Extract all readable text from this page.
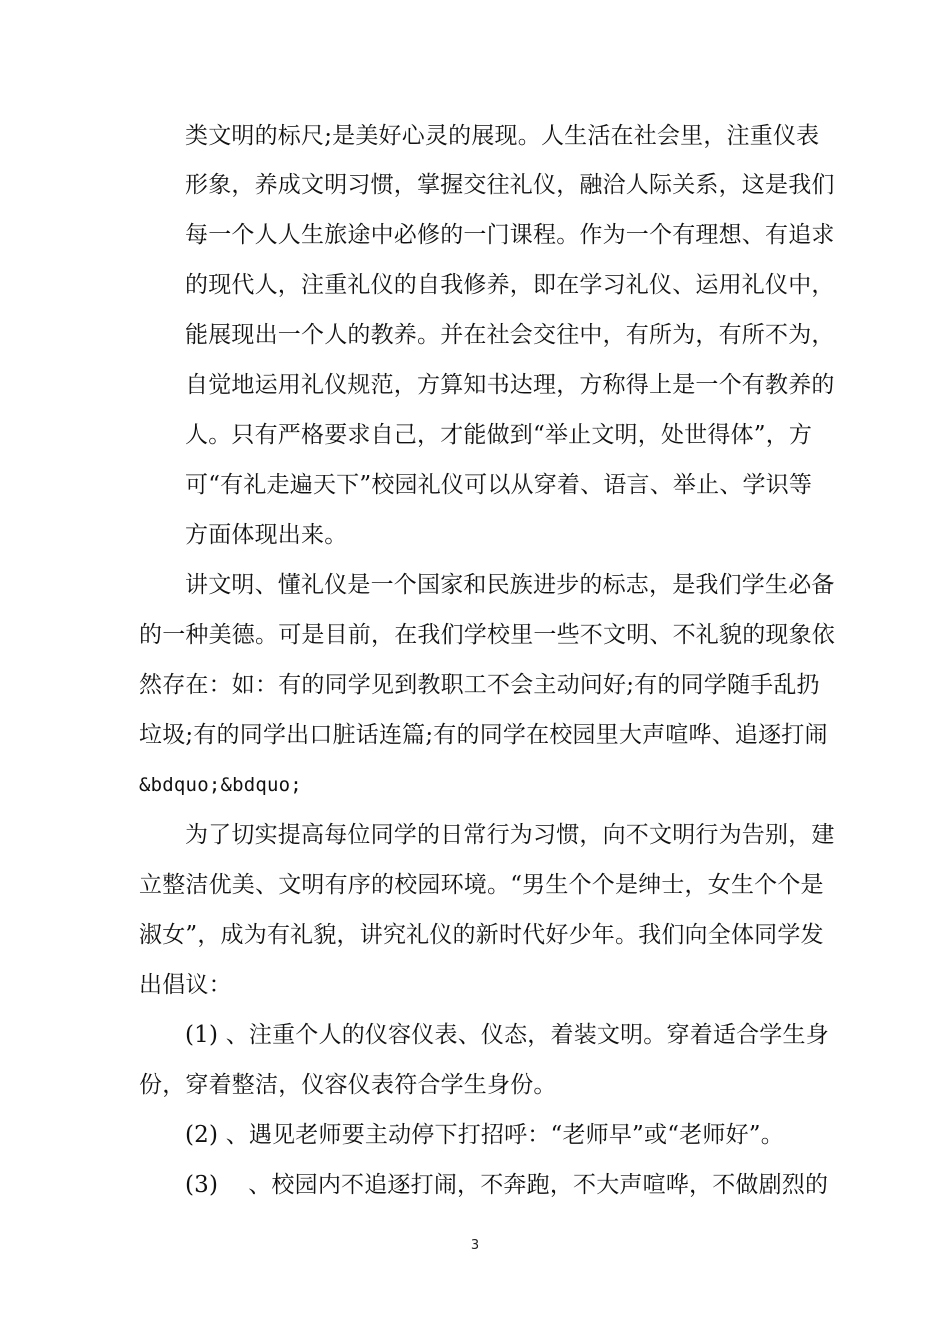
类文明的标尺;是美好心灵的展现。人生活在社会里，注重仪表
形象，养成文明习惯，掌握交往礼仪，融洽人际关系，这是我们
每一个人人生旅途中必修的一门课程。作为一个有理想、有追求
的现代人，注重礼仪的自我修养，即在学习礼仪、运用礼仪中，
能展现出一个人的教养。并在社会交往中，有所为，有所不为，
自觉地运用礼仪规范，方算知书达理，方称得上是一个有教养的
人。只有严格要求自己，才能做到“举止文明，处世得体”，方
可“有礼走遍天下”校园礼仪可以从穿着、语言、举止、学识等
方面体现出来。
讲文明、懂礼仪是一个国家和民族进步的标志，是我们学生必备
的一种美德。可是目前，在我们学校里一些不文明、不礼貌的现象依
然存在：如：有的同学见到教职工不会主动问好;有的同学随手乱扔
垃圾;有的同学出口脏话连篇;有的同学在校园里大声喧哗、追逐打闹
&bdquo;&bdquo;
为了切实提高每位同学的日常行为习惯，向不文明行为告别，建
立整洁优美、文明有序的校园环境。“男生个个是绅士，女生个个是
淑女”，成为有礼貌，讲究礼仪的新时代好少年。我们向全体同学发
出倡议：
(1) 、注重个人的仪容仪表、仪态，着装文明。穿着适合学生身
份，穿着整洁，仪容仪表符合学生身份。
(2) 、遇见老师要主动停下打招呼：“老师早”或“老师好”。
(3)    、校园内不追逐打闹，不奔跑，不大声喧哗，不做剧烈的
3
